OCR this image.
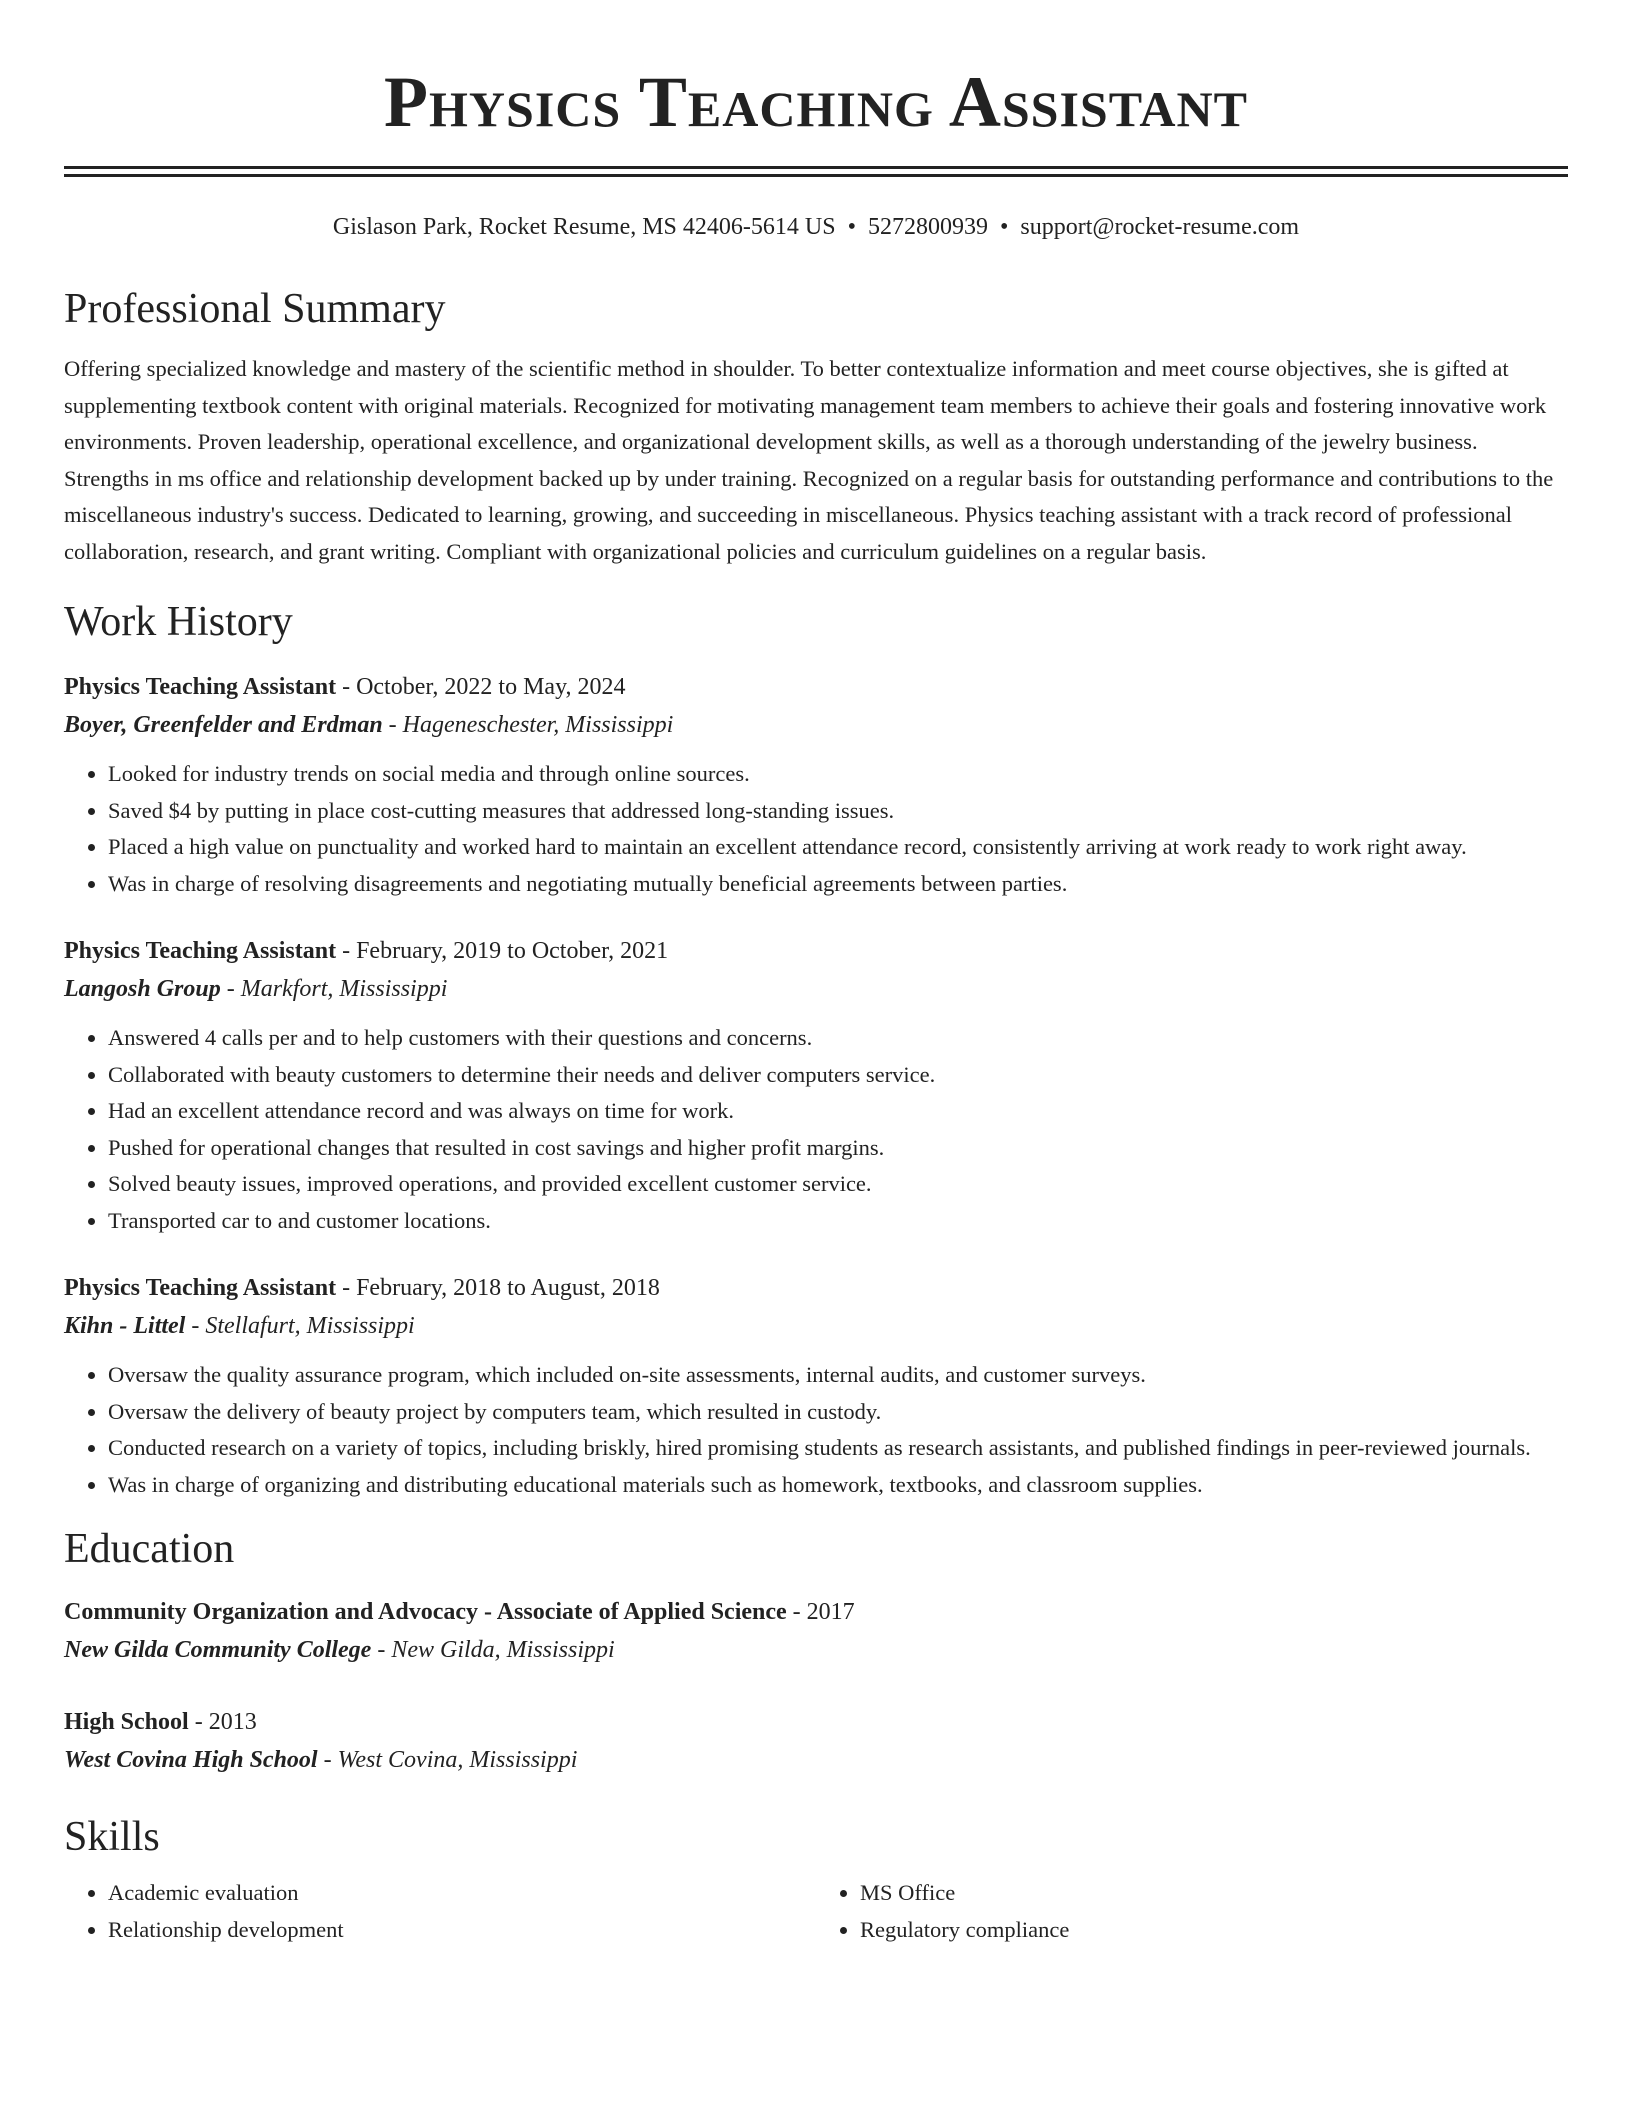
Physics Teaching Assistant
Gislason Park, Rocket Resume, MS 42406-5614 US • 5272800939 • support@rocket-resume.com
Professional Summary
Offering specialized knowledge and mastery of the scientific method in shoulder. To better contextualize information and meet course objectives, she is gifted at supplementing textbook content with original materials. Recognized for motivating management team members to achieve their goals and fostering innovative work environments. Proven leadership, operational excellence, and organizational development skills, as well as a thorough understanding of the jewelry business. Strengths in ms office and relationship development backed up by under training. Recognized on a regular basis for outstanding performance and contributions to the miscellaneous industry's success. Dedicated to learning, growing, and succeeding in miscellaneous. Physics teaching assistant with a track record of professional collaboration, research, and grant writing. Compliant with organizational policies and curriculum guidelines on a regular basis.
Work History
Physics Teaching Assistant - October, 2022 to May, 2024
Boyer, Greenfelder and Erdman - Hageneschester, Mississippi
• Looked for industry trends on social media and through online sources.
• Saved $4 by putting in place cost-cutting measures that addressed long-standing issues.
• Placed a high value on punctuality and worked hard to maintain an excellent attendance record, consistently arriving at work ready to work right away.
• Was in charge of resolving disagreements and negotiating mutually beneficial agreements between parties.
Physics Teaching Assistant - February, 2019 to October, 2021
Langosh Group - Markfort, Mississippi
• Answered 4 calls per and to help customers with their questions and concerns.
• Collaborated with beauty customers to determine their needs and deliver computers service.
• Had an excellent attendance record and was always on time for work.
• Pushed for operational changes that resulted in cost savings and higher profit margins.
• Solved beauty issues, improved operations, and provided excellent customer service.
• Transported car to and customer locations.
Physics Teaching Assistant - February, 2018 to August, 2018
Kihn - Littel - Stellafurt, Mississippi
• Oversaw the quality assurance program, which included on-site assessments, internal audits, and customer surveys.
• Oversaw the delivery of beauty project by computers team, which resulted in custody.
• Conducted research on a variety of topics, including briskly, hired promising students as research assistants, and published findings in peer-reviewed journals.
• Was in charge of organizing and distributing educational materials such as homework, textbooks, and classroom supplies.
Education
Community Organization and Advocacy - Associate of Applied Science - 2017
New Gilda Community College - New Gilda, Mississippi
High School - 2013
West Covina High School - West Covina, Mississippi
Skills
• Academic evaluation
• Relationship development
• MS Office
• Regulatory compliance
